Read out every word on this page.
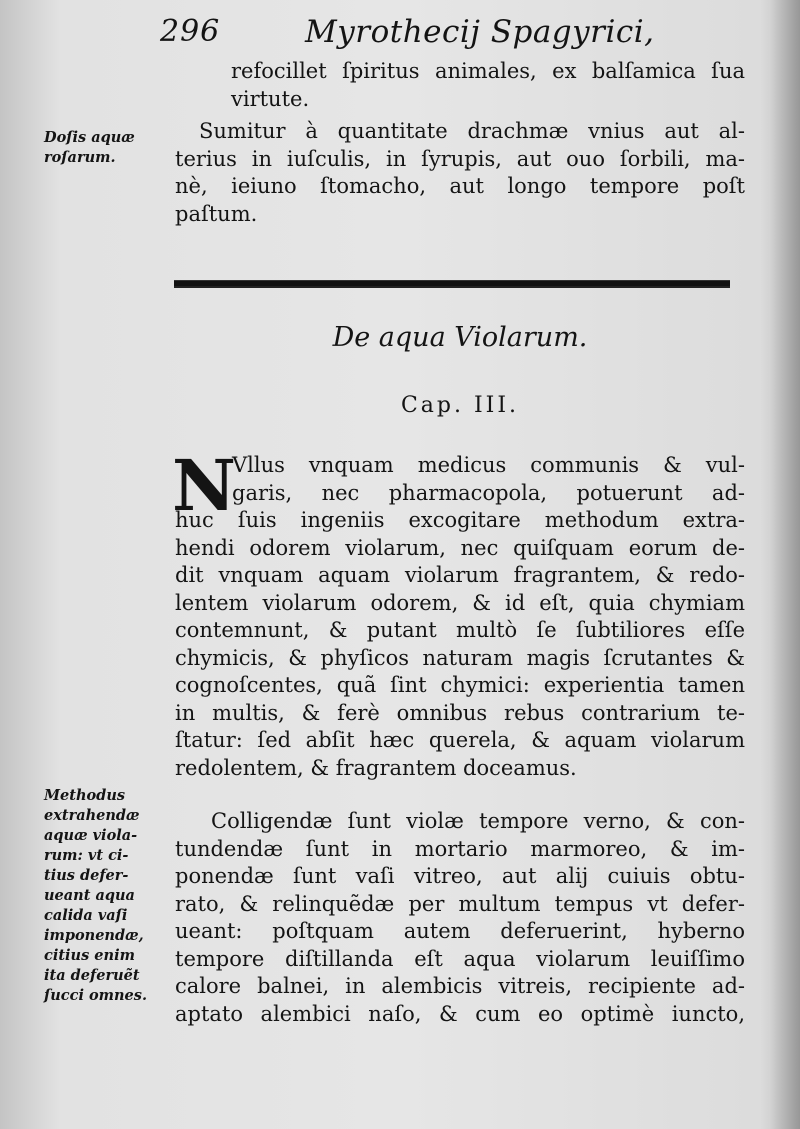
296	Myrothecij Spagyrici,
refocillet ſpiritus animales, ex balſamica ſua
virtute.
Doſis aquæ
roſarum.
Sumitur à quantitate drachmæ vnius aut al-
terius in iuſculis, in ſyrupis, aut ouo ſorbili, ma-
nè, ieiuno ſtomacho, aut longo tempore poſt
paſtum.
De aqua Violarum.
Cap. III.
N
Vllus vnquam medicus communis & vul-
garis, nec pharmacopola, potuerunt ad-
huc ſuis ingeniis excogitare methodum extra-
hendi odorem violarum, nec quiſquam eorum de-
dit vnquam aquam violarum fragrantem, & redo-
lentem violarum odorem, & id eſt, quia chymiam
contemnunt, & putant multò ſe ſubtiliores eſſe
chymicis, & phyſicos naturam magis ſcrutantes &
cognoſcentes, quã ſint chymici: experientia tamen
in multis, & ferè omnibus rebus contrarium te-
ſtatur: ſed abſit hæc querela, & aquam violarum
redolentem, & fragrantem doceamus.
Methodus
extrahendæ
aquæ viola-
rum: vt ci-
tius defer-
ueant aqua
calida vaſi
imponendæ,
citius enim
ita deferuẽt
ſucci omnes.
Colligendæ ſunt violæ tempore verno, & con-
tundendæ ſunt in mortario marmoreo, & im-
ponendæ ſunt vaſi vitreo, aut alij cuiuis obtu-
rato, & relinquẽdæ per multum tempus vt defer-
ueant: poſtquam autem deferuerint, hyberno
tempore diſtillanda eſt aqua violarum leuiſſimo
calore balnei, in alembicis vitreis, recipiente ad-
aptato alembici naſo, & cum eo optimè iuncto,
